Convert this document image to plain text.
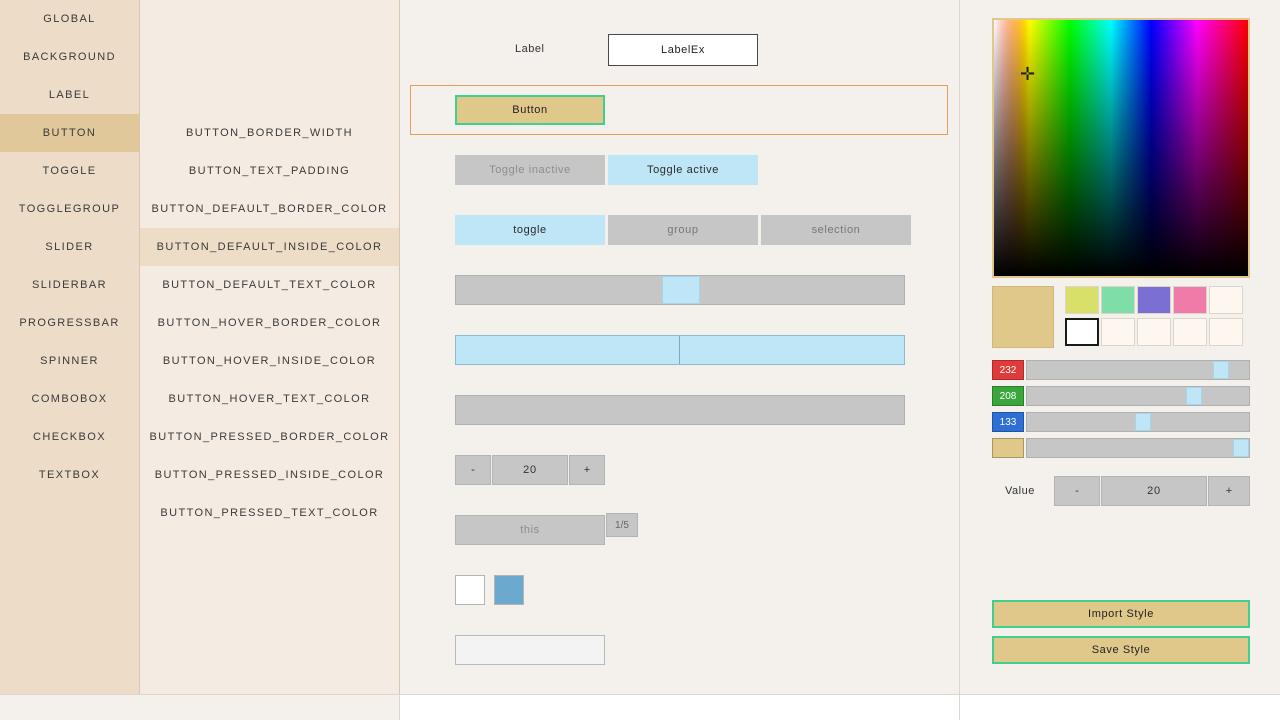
GLOBAL
BACKGROUND
LABEL
BUTTON
TOGGLE
TOGGLEGROUP
SLIDER
SLIDERBAR
PROGRESSBAR
SPINNER
COMBOBOX
CHECKBOX
TEXTBOX
BUTTON_BORDER_WIDTH
BUTTON_TEXT_PADDING
BUTTON_DEFAULT_BORDER_COLOR
BUTTON_DEFAULT_INSIDE_COLOR
BUTTON_DEFAULT_TEXT_COLOR
BUTTON_HOVER_BORDER_COLOR
BUTTON_HOVER_INSIDE_COLOR
BUTTON_HOVER_TEXT_COLOR
BUTTON_PRESSED_BORDER_COLOR
BUTTON_PRESSED_INSIDE_COLOR
BUTTON_PRESSED_TEXT_COLOR
Label	LabelEx
Button
Toggle inactive	Toggle active
toggle	group	selection
-	20	+
this	1/5
✛
232
208
133
Value	-	20	+
Import Style
Save Style
